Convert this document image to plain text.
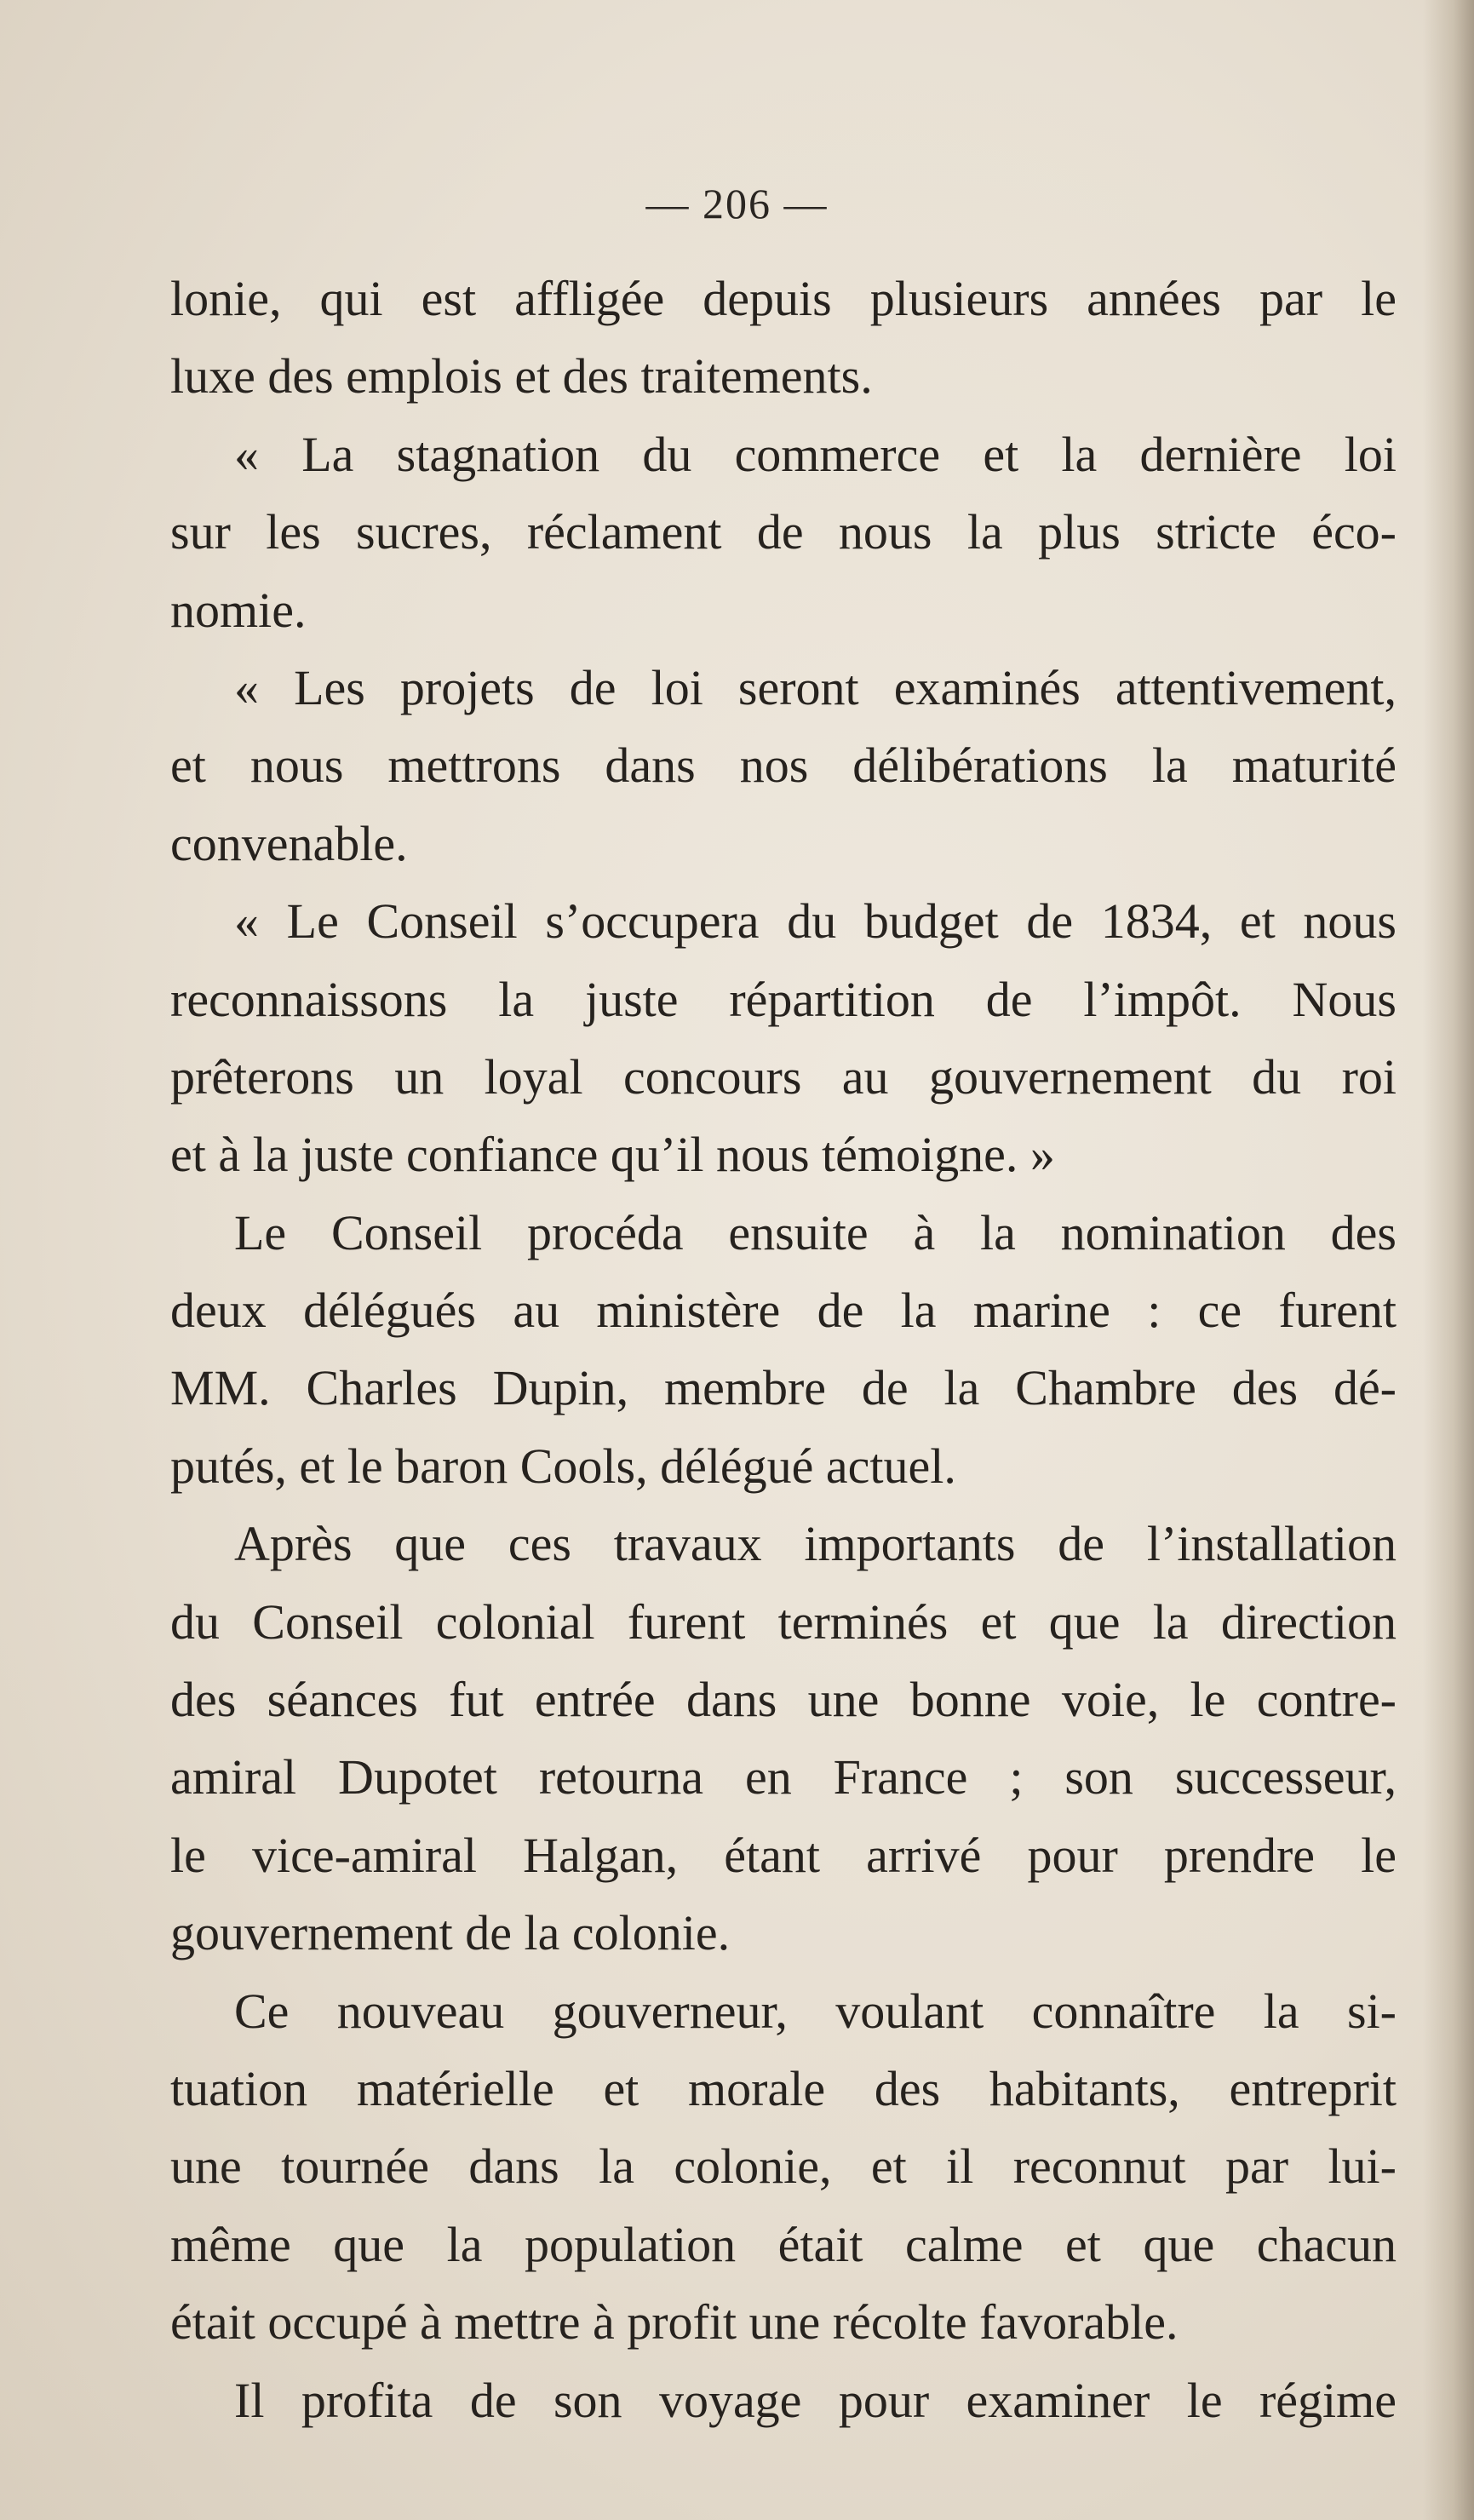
— 206 —
lonie, qui est affligée depuis plusieurs années par le
luxe des emplois et des traitements.
« La stagnation du commerce et la dernière loi
sur les sucres, réclament de nous la plus stricte éco-
nomie.
« Les projets de loi seront examinés attentivement,
et nous mettrons dans nos délibérations la maturité
convenable.
« Le Conseil s’occupera du budget de 1834, et nous
reconnaissons la juste répartition de l’impôt. Nous
prêterons un loyal concours au gouvernement du roi
et à la juste confiance qu’il nous témoigne. »
Le Conseil procéda ensuite à la nomination des
deux délégués au ministère de la marine : ce furent
MM. Charles Dupin, membre de la Chambre des dé-
putés, et le baron Cools, délégué actuel.
Après que ces travaux importants de l’installation
du Conseil colonial furent terminés et que la direction
des séances fut entrée dans une bonne voie, le contre-
amiral Dupotet retourna en France ; son successeur,
le vice-amiral Halgan, étant arrivé pour prendre le
gouvernement de la colonie.
Ce nouveau gouverneur, voulant connaître la si-
tuation matérielle et morale des habitants, entreprit
une tournée dans la colonie, et il reconnut par lui-
même que la population était calme et que chacun
était occupé à mettre à profit une récolte favorable.
Il profita de son voyage pour examiner le régime
